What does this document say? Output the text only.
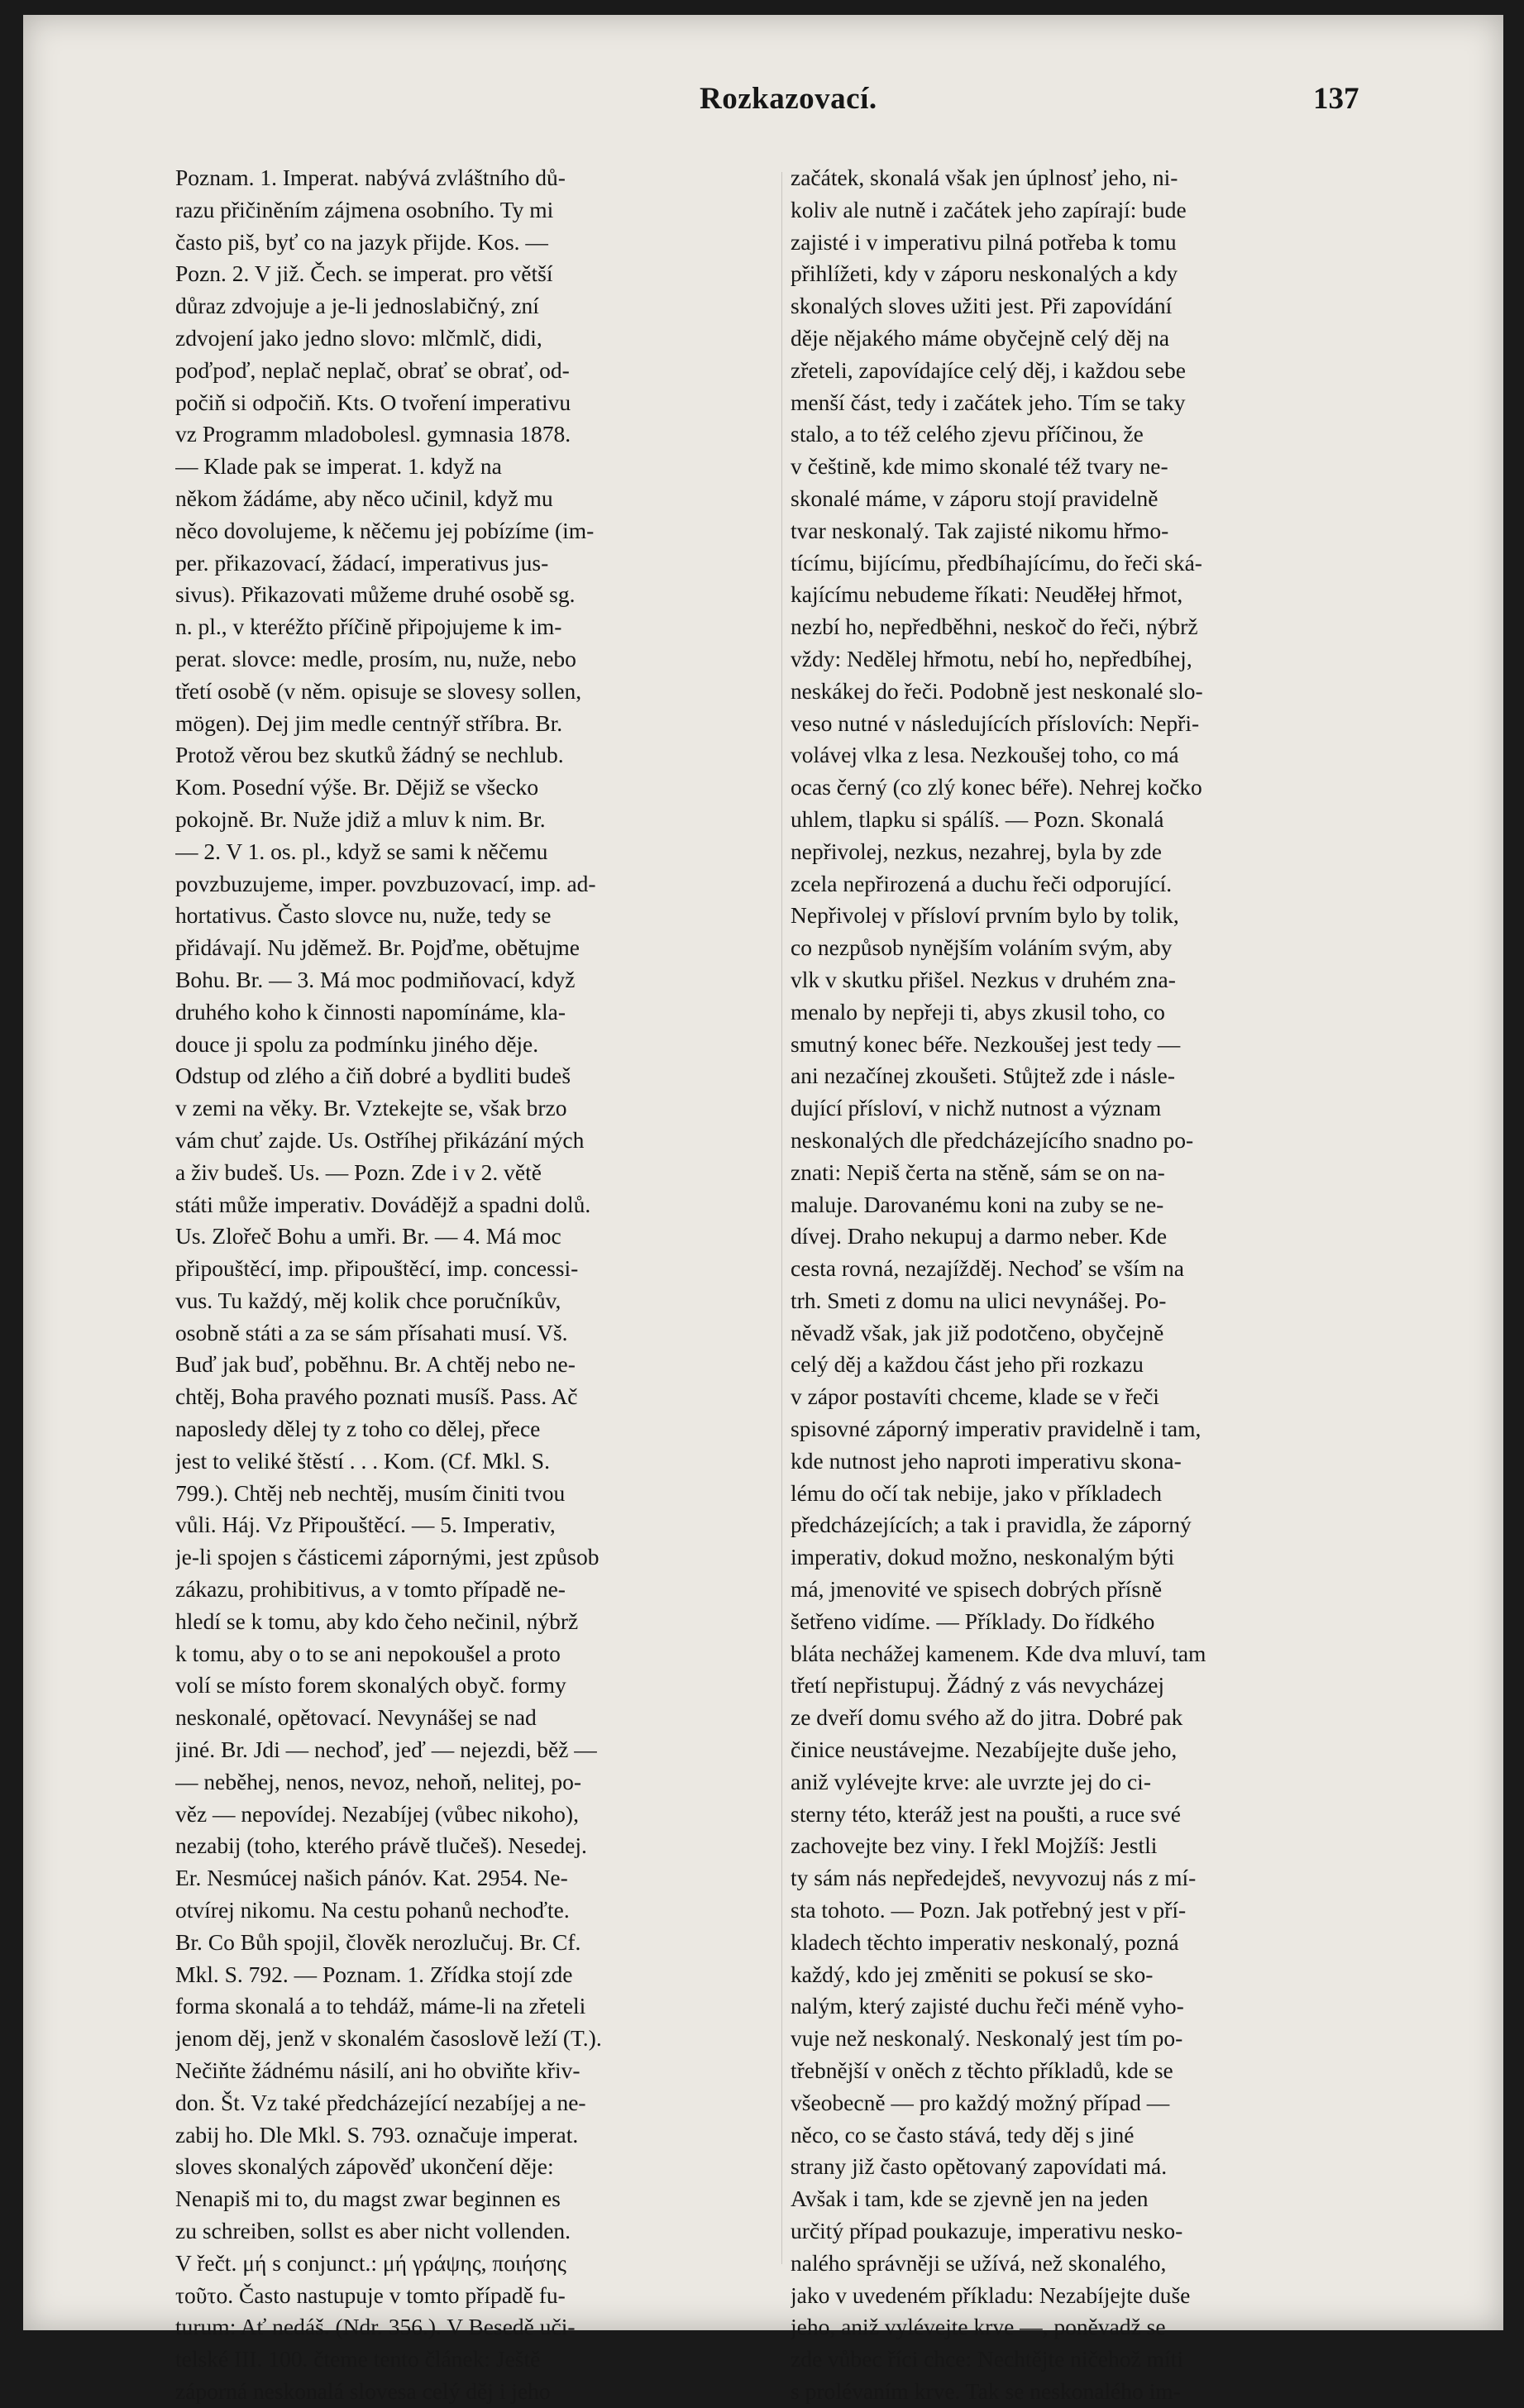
Rozkazovací.	137
Poznam. 1. Imperat. nabývá zvláštního dů-
razu přičiněním zájmena osobního. Ty mi
často piš, byť co na jazyk přijde. Kos. —
Pozn. 2. V již. Čech. se imperat. pro větší
důraz zdvojuje a je-li jednoslabičný, zní
zdvojení jako jedno slovo: mlčmlč, didi,
poďpoď, neplač neplač, obrať se obrať, od-
počiň si odpočiň. Kts. O tvoření imperativu
vz Programm mladobolesl. gymnasia 1878.
— Klade pak se imperat. 1. když na
někom žádáme, aby něco učinil, když mu
něco dovolujeme, k něčemu jej pobízíme (im-
per. přikazovací, žádací, imperativus jus-
sivus). Přikazovati můžeme druhé osobě sg.
n. pl., v kteréžto příčině připojujeme k im-
perat. slovce: medle, prosím, nu, nuže, nebo
třetí osobě (v něm. opisuje se slovesy sollen,
mögen). Dej jim medle centnýř stříbra. Br.
Protož věrou bez skutků žádný se nechlub.
Kom. Posední výše. Br. Dějiž se všecko
pokojně. Br. Nuže jdiž a mluv k nim. Br.
— 2. V 1. os. pl., když se sami k něčemu
povzbuzujeme, imper. povzbuzovací, imp. ad-
hortativus. Často slovce nu, nuže, tedy se
přidávají. Nu jděmež. Br. Pojďme, obětujme
Bohu. Br. — 3. Má moc podmiňovací, když
druhého koho k činnosti napomínáme, kla-
douce ji spolu za podmínku jiného děje.
Odstup od zlého a čiň dobré a bydliti budeš
v zemi na věky. Br. Vztekejte se, však brzo
vám chuť zajde. Us. Ostříhej přikázání mých
a živ budeš. Us. — Pozn. Zde i v 2. větě
státi může imperativ. Dovádějž a spadni dolů.
Us. Zlořeč Bohu a umři. Br. — 4. Má moc
připouštěcí, imp. připouštěcí, imp. concessi-
vus. Tu každý, měj kolik chce poručníkův,
osobně státi a za se sám přísahati musí. Vš.
Buď jak buď, poběhnu. Br. A chtěj nebo ne-
chtěj, Boha pravého poznati musíš. Pass. Ač
naposledy dělej ty z toho co dělej, přece
jest to veliké štěstí . . . Kom. (Cf. Mkl. S.
799.). Chtěj neb nechtěj, musím činiti tvou
vůli. Háj. Vz Připouštěcí. — 5. Imperativ,
je-li spojen s částicemi zápornými, jest způsob
zákazu, prohibitivus, a v tomto případě ne-
hledí se k tomu, aby kdo čeho nečinil, nýbrž
k tomu, aby o to se ani nepokoušel a proto
volí se místo forem skonalých obyč. formy
neskonalé, opětovací. Nevynášej se nad
jiné. Br. Jdi — nechoď, jeď — nejezdi, běž —
— neběhej, nenos, nevoz, nehoň, nelitej, po-
věz — nepovídej. Nezabíjej (vůbec nikoho),
nezabij (toho, kterého právě tlučeš). Nesedej.
Er. Nesmúcej našich pánóv. Kat. 2954. Ne-
otvírej nikomu. Na cestu pohanů nechoďte.
Br. Co Bůh spojil, člověk nerozlučuj. Br. Cf.
Mkl. S. 792. — Poznam. 1. Zřídka stojí zde
forma skonalá a to tehdáž, máme-li na zřeteli
jenom děj, jenž v skonalém časoslově leží (T.).
Nečiňte žádnému násilí, ani ho obviňte křiv-
don. Št. Vz také předcházející nezabíjej a ne-
zabij ho. Dle Mkl. S. 793. označuje imperat.
sloves skonalých zápověď ukončení děje:
Nenapiš mi to, du magst zwar beginnen es
zu schreiben, sollst es aber nicht vollenden.
V řečt. μή s conjunct.: μή γράψης, ποιήσης
τοῦτο. Často nastupuje v tomto případě fu-
turum: Ať nedáš. (Ndr. 356.). V Besedě uči-
telské III. 100. čteme tento článek: Ještě
záporná neskonalá slovesa celý děj i jeho
začátek, skonalá však jen úplnosť jeho, ni-
koliv ale nutně i začátek jeho zapírají: bude
zajisté i v imperativu pilná potřeba k tomu
přihlížeti, kdy v záporu neskonalých a kdy
skonalých sloves užiti jest. Při zapovídání
děje nějakého máme obyčejně celý děj na
zřeteli, zapovídajíce celý děj, i každou sebe
menší část, tedy i začátek jeho. Tím se taky
stalo, a to též celého zjevu příčinou, že
v češtině, kde mimo skonalé též tvary ne-
skonalé máme, v záporu stojí pravidelně
tvar neskonalý. Tak zajisté nikomu hřmo-
tícímu, bijícímu, předbíhajícímu, do řeči ská-
kajícímu nebudeme říkati: Neuděłej hřmot,
nezbí ho, nepředběhni, neskoč do řeči, nýbrž
vždy: Nedělej hřmotu, nebí ho, nepředbíhej,
neskákej do řeči. Podobně jest neskonalé slo-
veso nutné v následujících příslovích: Nepři-
volávej vlka z lesa. Nezkoušej toho, co má
ocas černý (co zlý konec béře). Nehrej kočko
uhlem, tlapku si spálíš. — Pozn. Skonalá
nepřivolej, nezkus, nezahrej, byla by zde
zcela nepřirozená a duchu řeči odporující.
Nepřivolej v přísloví prvním bylo by tolik,
co nezpůsob nynějším voláním svým, aby
vlk v skutku přišel. Nezkus v druhém zna-
menalo by nepřeji ti, abys zkusil toho, co
smutný konec béře. Nezkoušej jest tedy —
ani nezačínej zkoušeti. Stůjtež zde i násle-
dující přísloví, v nichž nutnost a význam
neskonalých dle předcházejícího snadno po-
znati: Nepiš čerta na stěně, sám se on na-
maluje. Darovanému koni na zuby se ne-
dívej. Draho nekupuj a darmo neber. Kde
cesta rovná, nezajížděj. Nechoď se vším na
trh. Smeti z domu na ulici nevynášej. Po-
něvadž však, jak již podotčeno, obyčejně
celý děj a každou část jeho při rozkazu
v zápor postavíti chceme, klade se v řeči
spisovné záporný imperativ pravidelně i tam,
kde nutnost jeho naproti imperativu skona-
lému do očí tak nebije, jako v příkladech
předcházejících; a tak i pravidla, že záporný
imperativ, dokud možno, neskonalým býti
má, jmenovité ve spisech dobrých přísně
šetřeno vidíme. — Příklady. Do řídkého
bláta nechážej kamenem. Kde dva mluví, tam
třetí nepřistupuj. Žádný z vás nevycházej
ze dveří domu svého až do jitra. Dobré pak
činice neustávejme. Nezabíjejte duše jeho,
aniž vylévejte krve: ale uvrzte jej do ci-
sterny této, kteráž jest na poušti, a ruce své
zachovejte bez viny. I řekl Mojžíš: Jestli
ty sám nás nepředejdeš, nevyvozuj nás z mí-
sta tohoto. — Pozn. Jak potřebný jest v pří-
kladech těchto imperativ neskonalý, pozná
každý, kdo jej změniti se pokusí se sko-
nalým, který zajisté duchu řeči méně vyho-
vuje než neskonalý. Neskonalý jest tím po-
třebnější v oněch z těchto příkladů, kde se
všeobecně — pro každý možný případ —
něco, co se často stává, tedy děj s jiné
strany již často opětovaný zapovídati má.
Avšak i tam, kde se zjevně jen na jeden
určitý případ poukazuje, imperativu nesko-
nalého správněji se užívá, než skonalého,
jako v uvedeném příkladu: Nezabíjejte duše
jeho, aniž vylévejte krve —, poněvadž se
zde vůbec říci chce: Nechtějte ničehož míti
s prolévaním krve. Tak se neskonalého im-
